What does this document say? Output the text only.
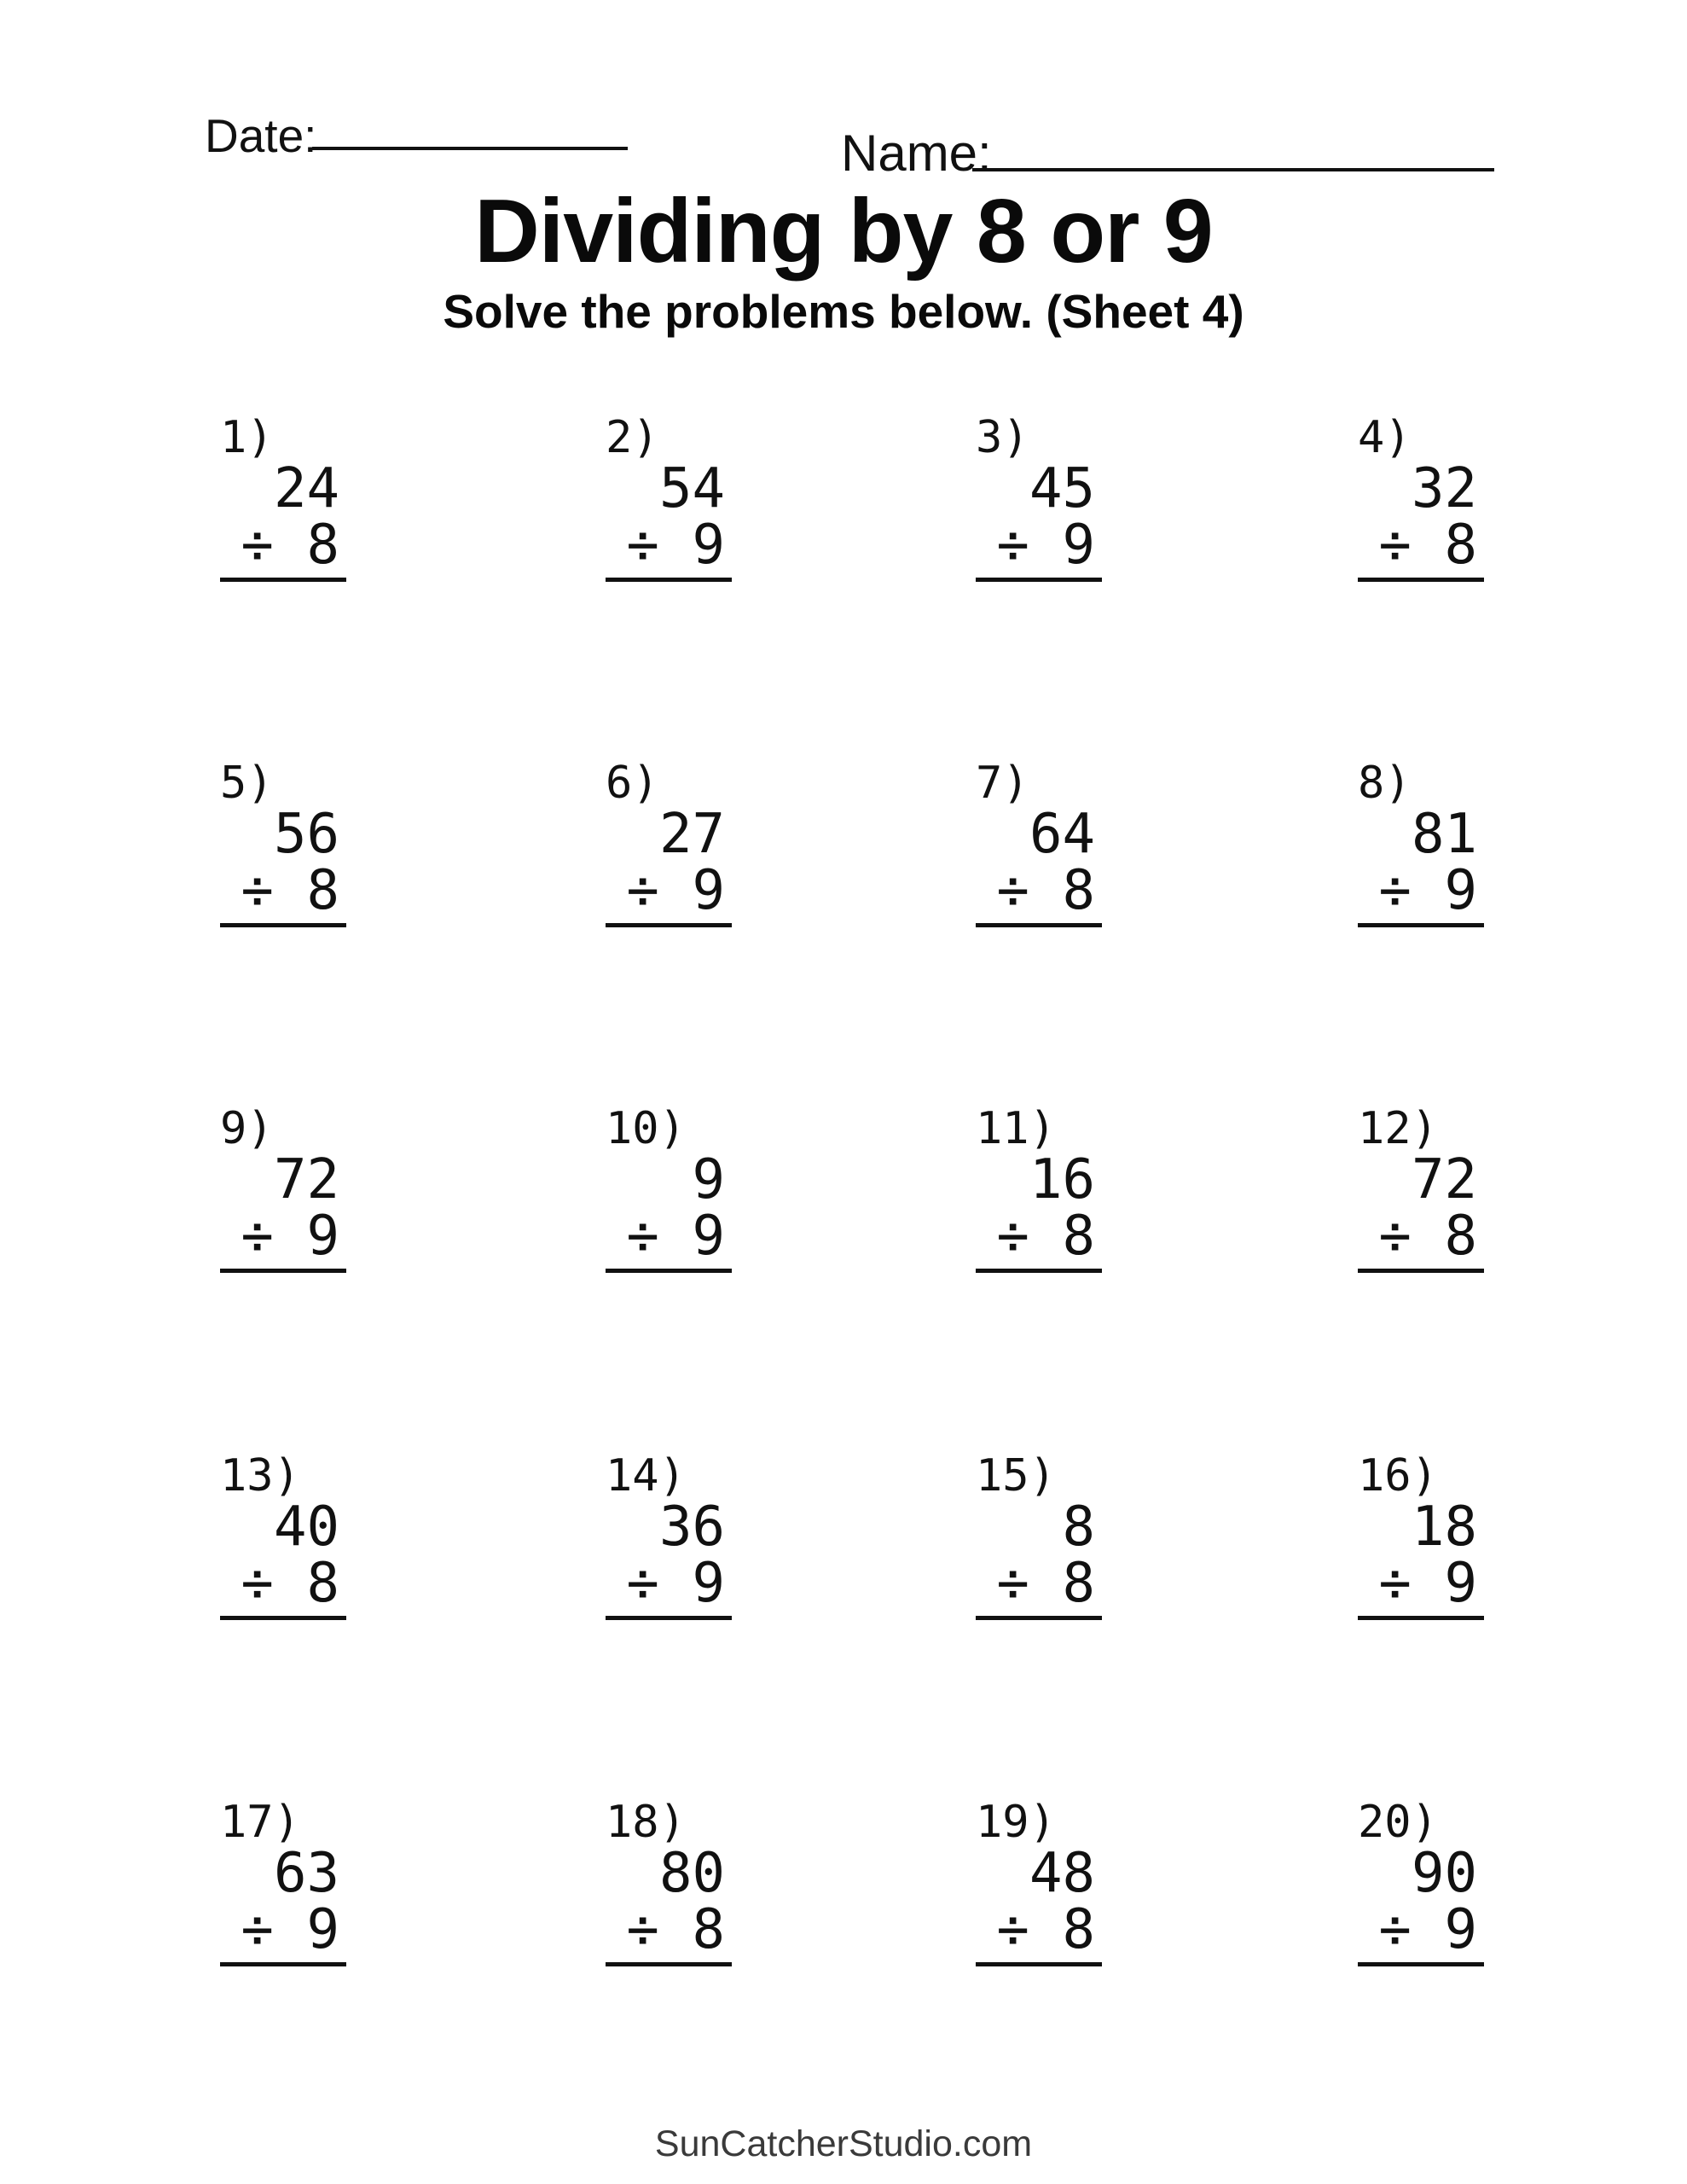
Date:	Name:
Dividing by 8 or 9
Solve the problems below. (Sheet 4)
1)
24
÷ 8
2)
54
÷ 9
3)
45
÷ 9
4)
32
÷ 8
5)
56
÷ 8
6)
27
÷ 9
7)
64
÷ 8
8)
81
÷ 9
9)
72
÷ 9
10)
9
÷ 9
11)
16
÷ 8
12)
72
÷ 8
13)
40
÷ 8
14)
36
÷ 9
15)
8
÷ 8
16)
18
÷ 9
17)
63
÷ 9
18)
80
÷ 8
19)
48
÷ 8
20)
90
÷ 9
SunCatcherStudio.com
